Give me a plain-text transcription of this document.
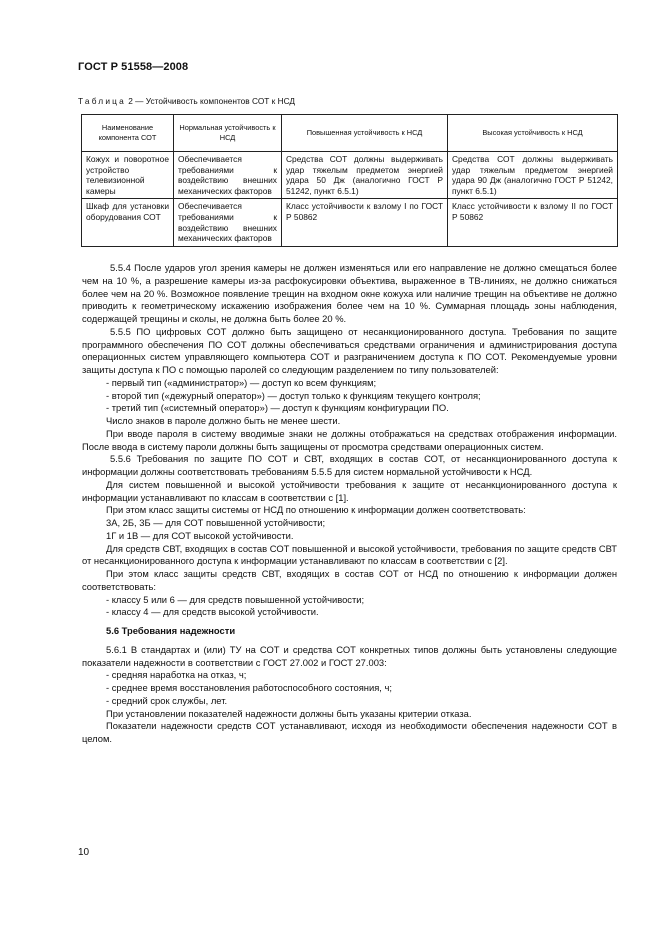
ГОСТ Р 51558—2008
Таблица 2 — Устойчивость компонентов СОТ к НСД
Наименование компонента СОТ	Нормальная устойчивость к НСД	Повышенная устойчивость к НСД	Высокая устойчивость к НСД
Кожух и поворотное устройство телевизионной камеры	Обеспечивается требованиями к воздействию внешних механических факторов	Средства СОТ должны выдерживать удар тяжелым предметом энергией удара 50 Дж (аналогично ГОСТ Р 51242, пункт 6.5.1)	Средства СОТ должны выдерживать удар тяжелым предметом энергией удара 90 Дж (аналогично ГОСТ Р 51242, пункт 6.5.1)
Шкаф для установки оборудования СОТ	Обеспечивается требованиями к воздействию внешних механических факторов	Класс устойчивости к взлому I по ГОСТ Р 50862	Класс устойчивости к взлому II по ГОСТ Р 50862

5.5.4 После ударов угол зрения камеры не должен изменяться или его направление не должно смещаться более чем на 10 %, а разрешение камеры из-за расфокусировки объектива, выраженное в ТВ-линиях, не должно снижаться более чем на 20 %. Возможное появление трещин на входном окне кожуха или наличие трещин на объективе не должно приводить к геометрическому искажению изображения более чем на 10 %. Суммарная площадь зоны наблюдения, содержащей трещины и сколы, не должна быть более 20 %.

5.5.5 ПО цифровых СОТ должно быть защищено от несанкционированного доступа. Требования по защите программного обеспечения ПО СОТ должны обеспечиваться средствами ограничения и администрирования доступа операционных систем управляющего компьютера СОТ и разграничением доступа к ПО СОТ. Рекомендуемые уровни защиты доступа к ПО с помощью паролей со следующим разделением по типу пользователей:

- первый тип («администратор») — доступ ко всем функциям;

- второй тип («дежурный оператор») — доступ только к функциям текущего контроля;

- третий тип («системный оператор») — доступ к функциям конфигурации ПО.

Число знаков в пароле должно быть не менее шести.

При вводе пароля в систему вводимые знаки не должны отображаться на средствах отображения информации. После ввода в систему пароли должны быть защищены от просмотра средствами операционных систем.

5.5.6 Требования по защите ПО СОТ и СВТ, входящих в состав СОТ, от несанкционированного доступа к информации должны соответствовать требованиям 5.5.5 для систем нормальной устойчивости к НСД.

Для систем повышенной и высокой устойчивости требования к защите от несанкционированного доступа к информации устанавливают по классам в соответствии с [1].

При этом класс защиты системы от НСД по отношению к информации должен соответствовать:

3А, 2Б, 3Б — для СОТ повышенной устойчивости;

1Г и 1В — для СОТ высокой устойчивости.

Для средств СВТ, входящих в состав СОТ повышенной и высокой устойчивости, требования по защите средств СВТ от несанкционированного доступа к информации устанавливают по классам в соответствии с [2].

При этом класс защиты средств СВТ, входящих в состав СОТ от НСД по отношению к информации должен соответствовать:

- классу 5 или 6 — для средств повышенной устойчивости;

- классу 4 — для средств высокой устойчивости.

5.6 Требования надежности

5.6.1 В стандартах и (или) ТУ на СОТ и средства СОТ конкретных типов должны быть установлены следующие показатели надежности в соответствии с ГОСТ 27.002 и ГОСТ 27.003:

- средняя наработка на отказ, ч;

- среднее время восстановления работоспособного состояния, ч;

- средний срок службы, лет.

При установлении показателей надежности должны быть указаны критерии отказа.

Показатели надежности средств СОТ устанавливают, исходя из необходимости обеспечения надежности СОТ в целом.

10
